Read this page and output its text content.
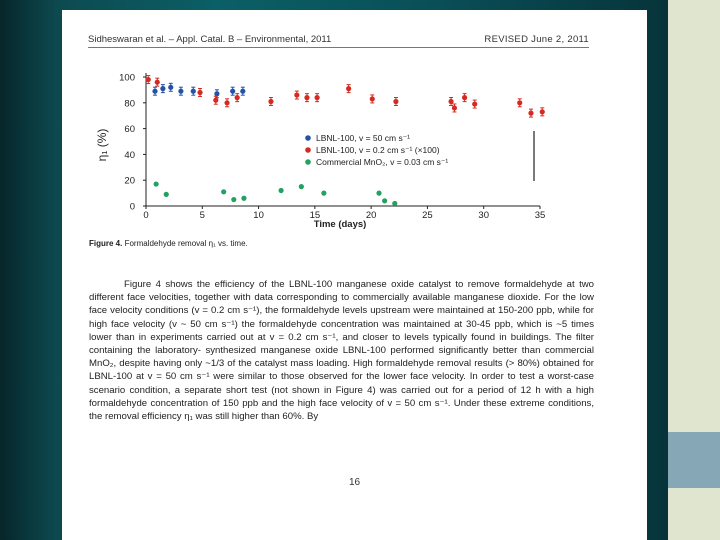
Sidheswaran et al. – Appl. Catal. B – Environmental, 2011	REVISED June 2, 2011
0	5	10	15	20	25	30	35
0
20
40
60
80
100
LBNL-100, v = 50 cm s⁻¹
LBNL-100, v = 0.2 cm s⁻¹ (×100)
Commercial MnO₂, v = 0.03 cm s⁻¹
η₁ (%)
Time (days)
Figure 4. Formaldehyde removal η₁ vs. time.

Figure 4 shows the efficiency of the LBNL-100 manganese oxide catalyst to remove formaldehyde at two different face velocities, together with data corresponding to commercially available manganese dioxide. For the low face velocity conditions (v = 0.2 cm s⁻¹), the formaldehyde levels upstream were maintained at 150-200 ppb, while for high face velocity (v ~ 50 cm s⁻¹) the formaldehyde concentration was maintained at 30-45 ppb, which is ~5 times lower than in experiments carried out at v = 0.2 cm s⁻¹, and closer to levels typically found in buildings. The filter containing the laboratory- synthesized manganese oxide LBNL-100 performed significantly better than commercial MnO₂, despite having only ~1/3 of the catalyst mass loading. High formaldehyde removal results (> 80%) obtained for LBNL-100 at v = 50 cm s⁻¹ were similar to those observed for the lower face velocity. In order to test a worst-case scenario condition, a separate short test (not shown in Figure 4) was carried out for a period of 12 h with a high formaldehyde concentration of 150 ppb and the high face velocity of v = 50 cm s⁻¹. Under these extreme conditions, the removal efficiency η₁ was still higher than 60%. By

16
